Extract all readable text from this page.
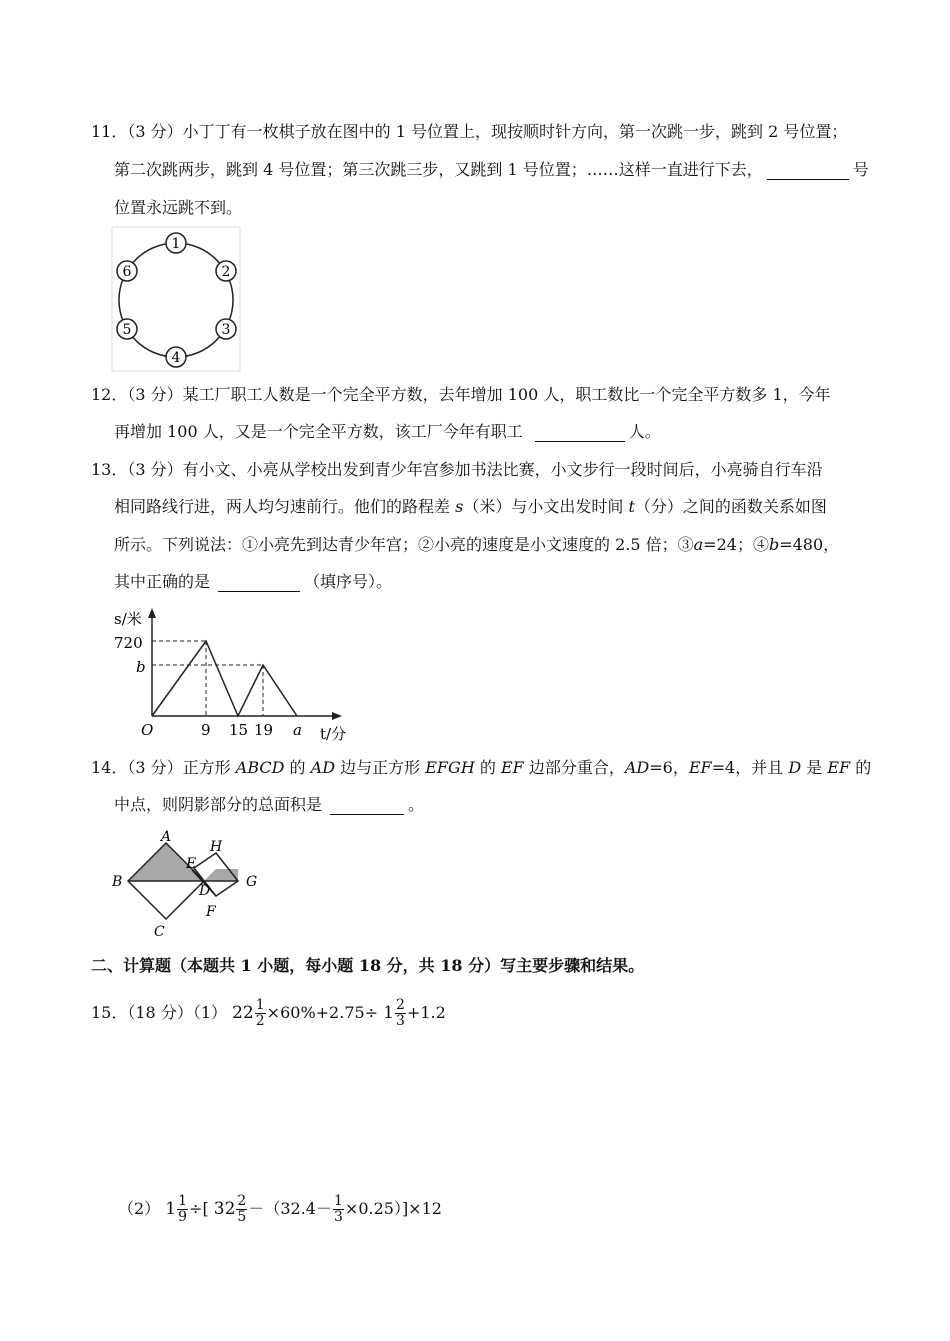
11．（3 分）小丁丁有一枚棋子放在图中的 1 号位置上，现按顺时针方向，第一次跳一步，跳到 2 号位置；
第二次跳两步，跳到 4 号位置；第三次跳三步，又跳到 1 号位置；……这样一直进行下去，	号
位置永远跳不到。
1
2
3
4
5
6
12．（3 分）某工厂职工人数是一个完全平方数，去年增加 100 人，职工数比一个完全平方数多 1，今年
再增加 100 人，又是一个完全平方数，该工厂今年有职工	人。
13．（3 分）有小文、小亮从学校出发到青少年宫参加书法比赛，小文步行一段时间后，小亮骑自行车沿
相同路线行进，两人均匀速前行。他们的路程差 s（米）与小文出发时间 t（分）之间的函数关系如图
所示。下列说法：①小亮先到达青少年宫；②小亮的速度是小文速度的 2.5 倍；③a=24；④b=480，
其中正确的是	（填序号）。
s/米
720
b
O	9 15 19 a t/分
14．（3 分）正方形 ABCD 的 AD 边与正方形 EFGH 的 EF 边部分重合，AD=6，EF=4，并且 D 是 EF 的
中点，则阴影部分的总面积是	。
A
B
C
D
E
F
G
H
二、计算题（本题共 1 小题，每小题 18 分，共 18 分）写主要步骤和结果。
15．（18 分）（1） $22 \frac{1}{2} \times 60\%+2.75\div 1 \frac{2}{3} +1.2$
（2） $1 \frac{1}{9}$ ÷[ $32 \frac{2}{5} -(32.4- \frac{1}{3} \times 0.25)]\times 12$
